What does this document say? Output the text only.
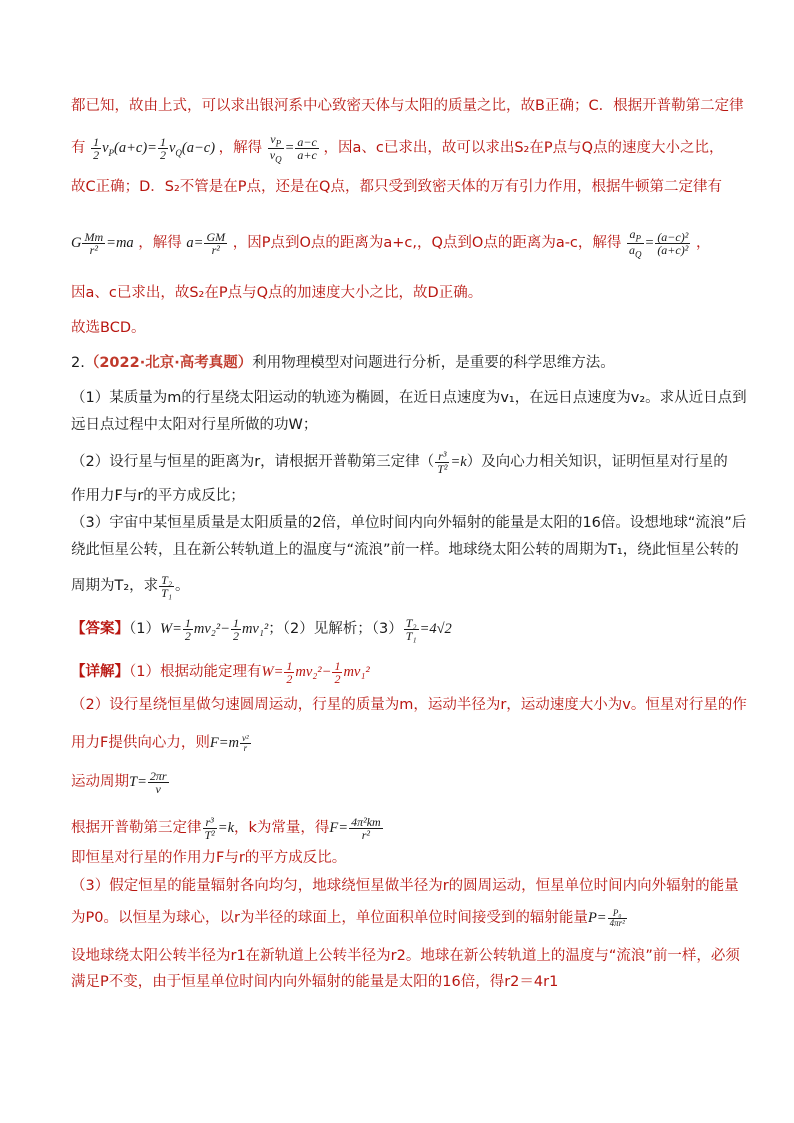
都已知，故由上式，可以求出银河系中心致密天体与太阳的质量之比，故B正确；C．根据开普勒第二定律
有 $\frac{1}{2} v_P(a+c)= \frac{1}{2} v_Q(a-c)$ ，解得 $\frac{v_P}{v_Q} = \frac{a-c}{a+c}$ ，因a、c已求出，故可以求出S₂在P点与Q点的速度大小之比，
故C正确；D．S₂不管是在P点，还是在Q点，都只受到致密天体的万有引力作用，根据牛顿第二定律有
G $\frac{Mm}{\text{r²}} =ma$ ，解得 $a= \frac{GM}{\text{r²}}$ ，因P点到O点的距离为a+c,，Q点到O点的距离为a-c，解得 $\frac{a_P}{a_Q} = \frac{\text{(a−c)²}}{\text{(a+c)²}}$ ，
因a、c已求出，故S₂在P点与Q点的加速度大小之比，故D正确。
故选BCD。
2.（2022·北京·高考真题）利用物理模型对问题进行分析，是重要的科学思维方法。
（1）某质量为m的行星绕太阳运动的轨迹为椭圆，在近日点速度为v₁，在远日点速度为v₂。求从近日点到
远日点过程中太阳对行星所做的功W；
（2）设行星与恒星的距离为r，请根据开普勒第三定律（ $\frac{\text{r³}}{\text{T²}} =k$）及向心力相关知识，证明恒星对行星的
作用力F与r的平方成反比；
（3）宇宙中某恒星质量是太阳质量的2倍，单位时间内向外辐射的能量是太阳的16倍。设想地球“流浪”后
绕此恒星公转，且在新公转轨道上的温度与“流浪”前一样。地球绕太阳公转的周期为T₁，绕此恒星公转的
周期为T₂，求 $\frac{\text{T₂}}{\text{T₁}}$ 。
【答案】$(1)W= \frac{1}{2} mv_2^2- \frac{1}{2} mv_1^2$；（2）见解析；$(3) \frac{\text{T₂}}{\text{T₁}} =4√2$
【详解】（1）根据动能定理有$W= \frac{1}{2} mv_2^2- \frac{1}{2} mv_1^2$
（2）设行星绕恒星做匀速圆周运动，行星的质量为m，运动半径为r，运动速度大小为v。恒星对行星的作
用力F提供向心力，则$F=m \frac{\text{v²}}{r}$
运动周期$T= \frac{2\pi r}{v}$
根据开普勒第三定律 $\frac{\text{r³}}{\text{T²}} =k$，k为常量，得$F= \frac{\text{4π²km}}{\text{r²}}$
即恒星对行星的作用力F与r的平方成反比。
（3）假定恒星的能量辐射各向均匀，地球绕恒星做半径为r的圆周运动，恒星单位时间内向外辐射的能量
为P0。以恒星为球心，以r为半径的球面上，单位面积单位时间接受到的辐射能量$P= \frac{\text{P₀}}{\text{4πr²}}$
设地球绕太阳公转半径为r1在新轨道上公转半径为r2。地球在新公转轨道上的温度与“流浪”前一样，必须
满足P不变，由于恒星单位时间内向外辐射的能量是太阳的16倍，得r2＝4r1
